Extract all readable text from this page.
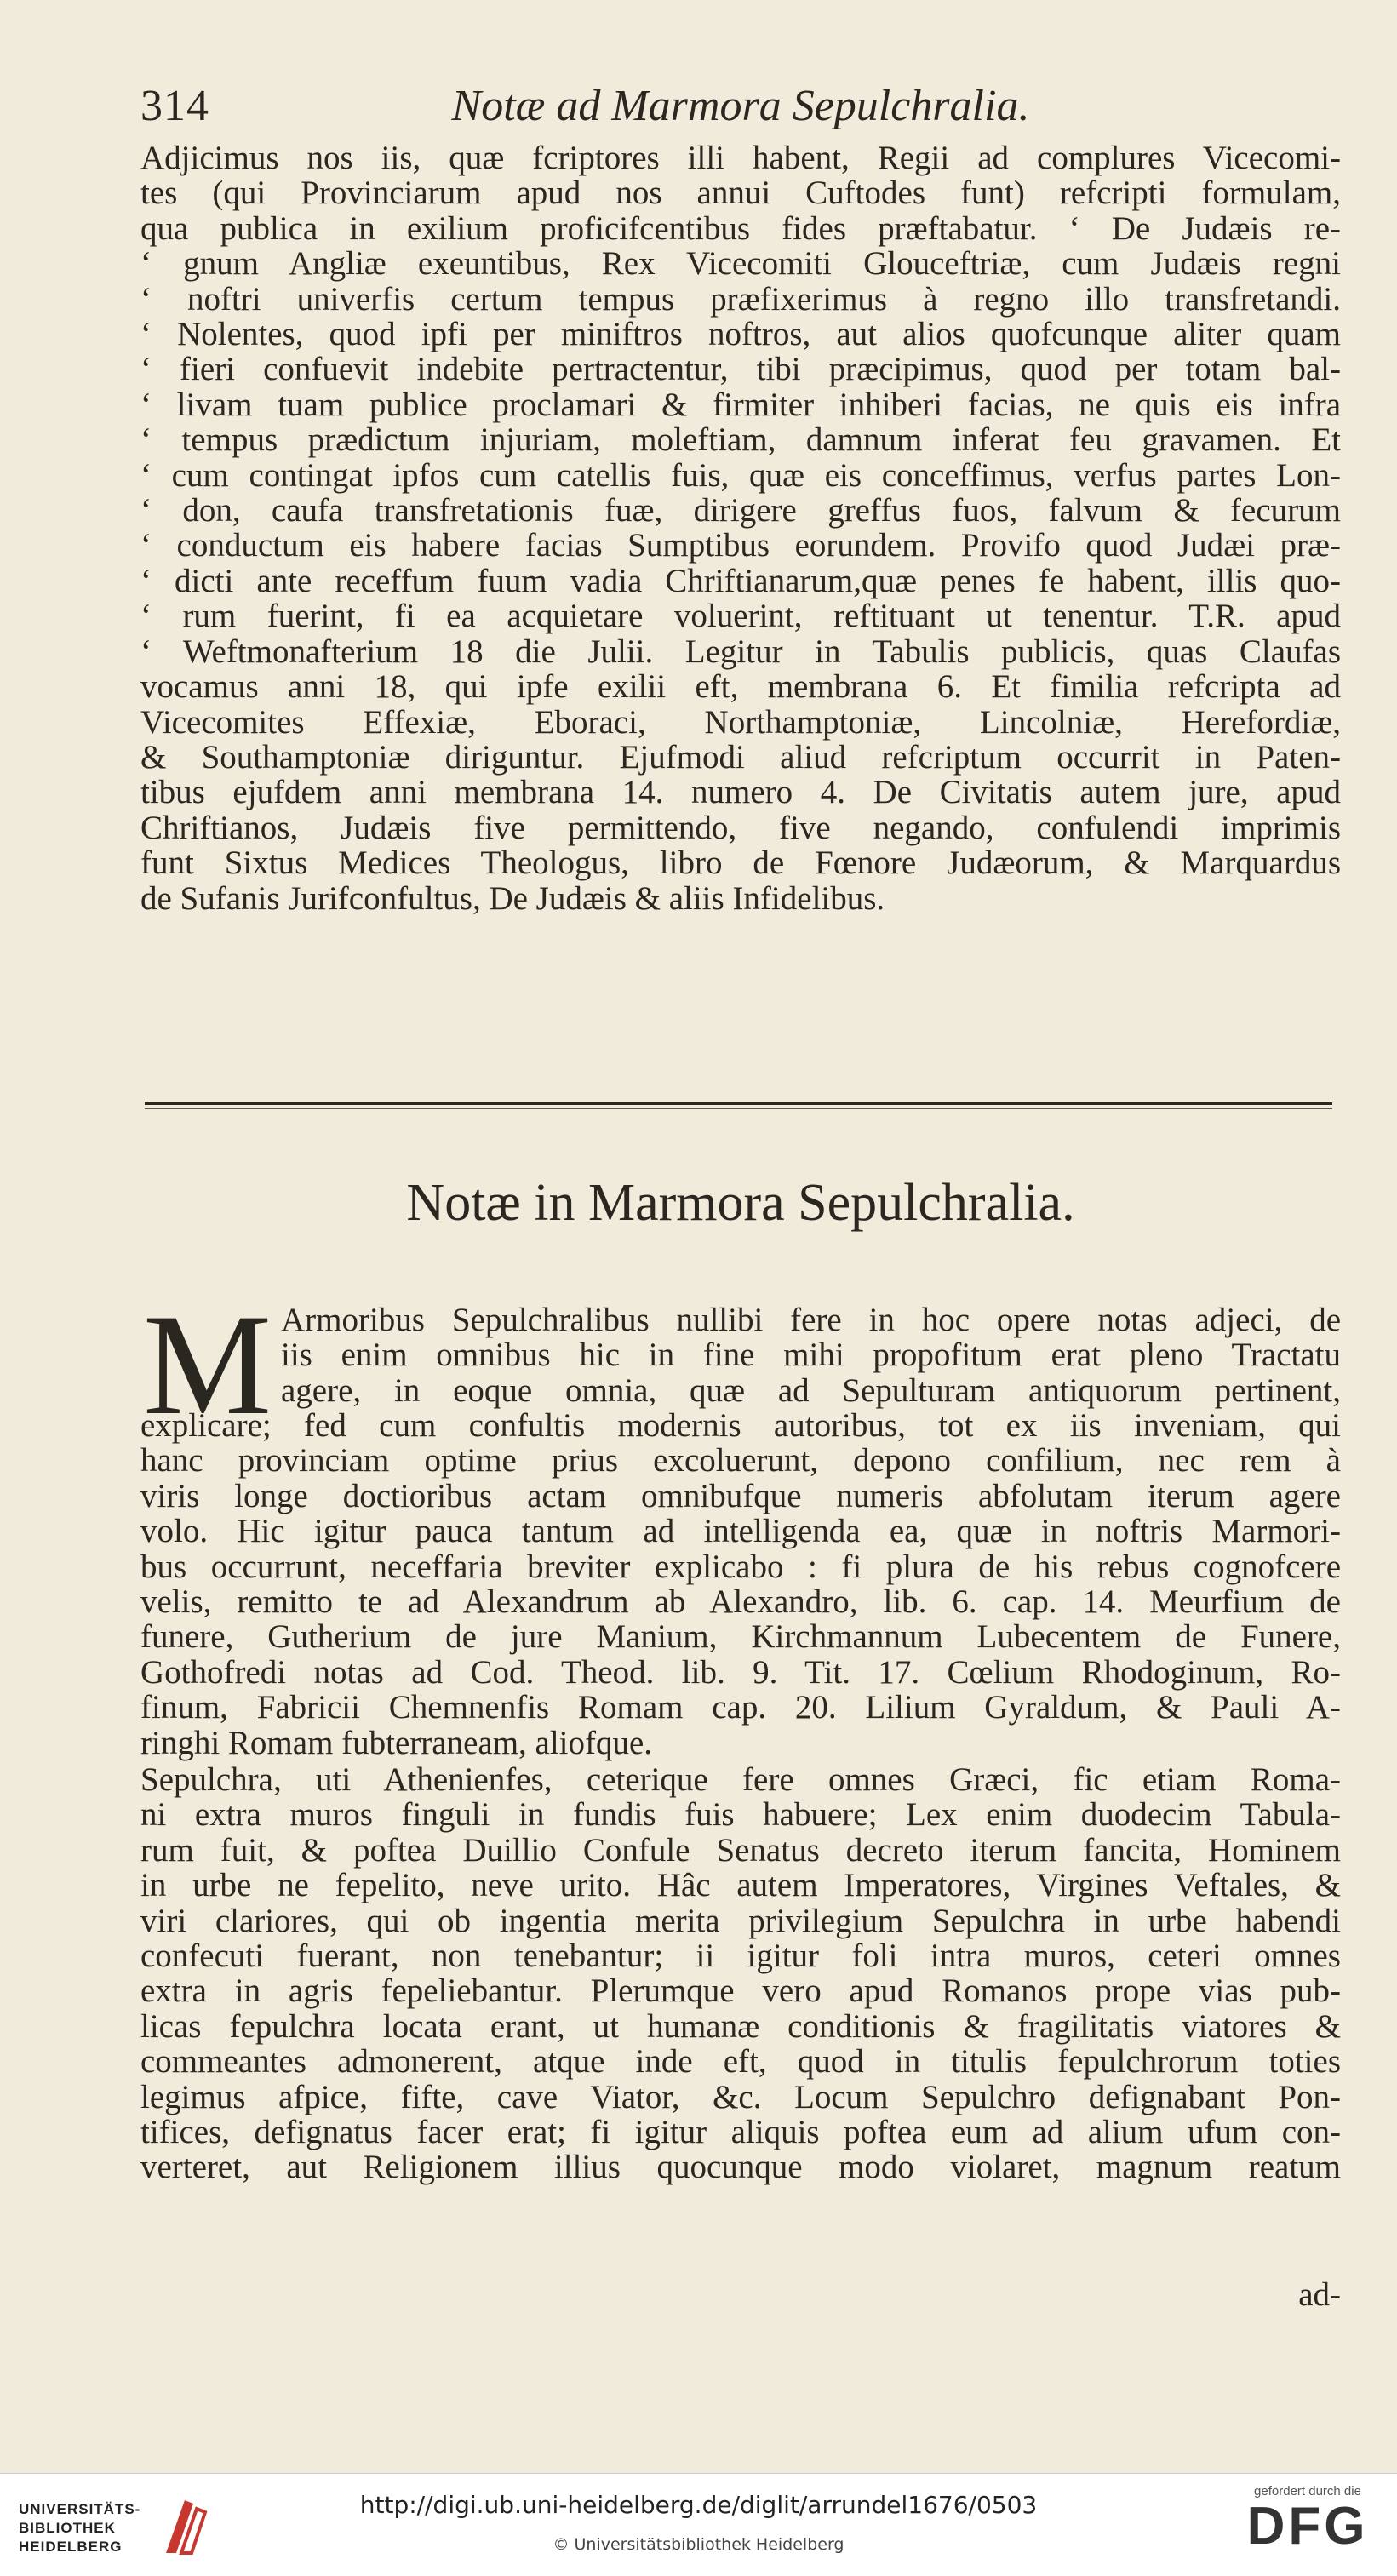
314	Notæ ad Marmora Sepulchralia.
Adjicimus nos iis, quæ fcriptores illi habent, Regii ad complures Vicecomi-
tes (qui Provinciarum apud nos annui Cuftodes funt) refcripti formulam,
qua publica in exilium proficifcentibus fides præftabatur. ‘ De Judæis re-
‘ gnum Angliæ exeuntibus, Rex Vicecomiti Glouceftriæ, cum Judæis regni
‘ noftri univerfis certum tempus præfixerimus à regno illo transfretandi.
‘ Nolentes, quod ipfi per miniftros noftros, aut alios quofcunque aliter quam
‘ fieri confuevit indebite pertractentur, tibi præcipimus, quod per totam bal-
‘ livam tuam publice proclamari & firmiter inhiberi facias, ne quis eis infra
‘ tempus prædictum injuriam, moleftiam, damnum inferat feu gravamen. Et
‘ cum contingat ipfos cum catellis fuis, quæ eis conceffimus, verfus partes Lon-
‘ don, caufa transfretationis fuæ, dirigere greffus fuos, falvum & fecurum
‘ conductum eis habere facias Sumptibus eorundem. Provifo quod Judæi præ-
‘ dicti ante receffum fuum vadia Chriftianarum,quæ penes fe habent, illis quo-
‘ rum fuerint, fi ea acquietare voluerint, reftituant ut tenentur. T.R. apud
‘ Weftmonafterium 18 die Julii. Legitur in Tabulis publicis, quas Claufas
vocamus anni 18, qui ipfe exilii eft, membrana 6. Et fimilia refcripta ad
Vicecomites Effexiæ, Eboraci, Northamptoniæ, Lincolniæ, Herefordiæ,
& Southamptoniæ diriguntur. Ejufmodi aliud refcriptum occurrit in Paten-
tibus ejufdem anni membrana 14. numero 4. De Civitatis autem jure, apud
Chriftianos, Judæis five permittendo, five negando, confulendi imprimis
funt Sixtus Medices Theologus, libro de Fœnore Judæorum, & Marquardus
de Sufanis Jurifconfultus, De Judæis & aliis Infidelibus.
Notæ in Marmora Sepulchralia.
M Armoribus Sepulchralibus nullibi fere in hoc opere notas adjeci, de
iis enim omnibus hic in fine mihi propofitum erat pleno Tractatu
agere, in eoque omnia, quæ ad Sepulturam antiquorum pertinent,
explicare; fed cum confultis modernis autoribus, tot ex iis inveniam, qui
hanc provinciam optime prius excoluerunt, depono confilium, nec rem à
viris longe doctioribus actam omnibufque numeris abfolutam iterum agere
volo. Hic igitur pauca tantum ad intelligenda ea, quæ in noftris Marmori-
bus occurrunt, neceffaria breviter explicabo : fi plura de his rebus cognofcere
velis, remitto te ad Alexandrum ab Alexandro, lib. 6. cap. 14. Meurfium de
funere, Gutherium de jure Manium, Kirchmannum Lubecentem de Funere,
Gothofredi notas ad Cod. Theod. lib. 9. Tit. 17. Cœlium Rhodoginum, Ro-
finum, Fabricii Chemnenfis Romam cap. 20. Lilium Gyraldum, & Pauli A-
ringhi Romam fubterraneam, aliofque.
Sepulchra, uti Athenienfes, ceterique fere omnes Græci, fic etiam Roma-
ni extra muros finguli in fundis fuis habuere; Lex enim duodecim Tabula-
rum fuit, & poftea Duillio Confule Senatus decreto iterum fancita, Hominem
in urbe ne fepelito, neve urito. Hâc autem Imperatores, Virgines Veftales, &
viri clariores, qui ob ingentia merita privilegium Sepulchra in urbe habendi
confecuti fuerant, non tenebantur; ii igitur foli intra muros, ceteri omnes
extra in agris fepeliebantur. Plerumque vero apud Romanos prope vias pub-
licas fepulchra locata erant, ut humanæ conditionis & fragilitatis viatores &
commeantes admonerent, atque inde eft, quod in titulis fepulchrorum toties
legimus afpice, fifte, cave Viator, &c. Locum Sepulchro defignabant Pon-
tifices, defignatus facer erat; fi igitur aliquis poftea eum ad alium ufum con-
verteret, aut Religionem illius quocunque modo violaret, magnum reatum
ad-
UNIVERSITÄTS-
BIBLIOTHEK
HEIDELBERG
http://digi.ub.uni-heidelberg.de/diglit/arrundel1676/0503
© Universitätsbibliothek Heidelberg
gefördert durch die
DFG
